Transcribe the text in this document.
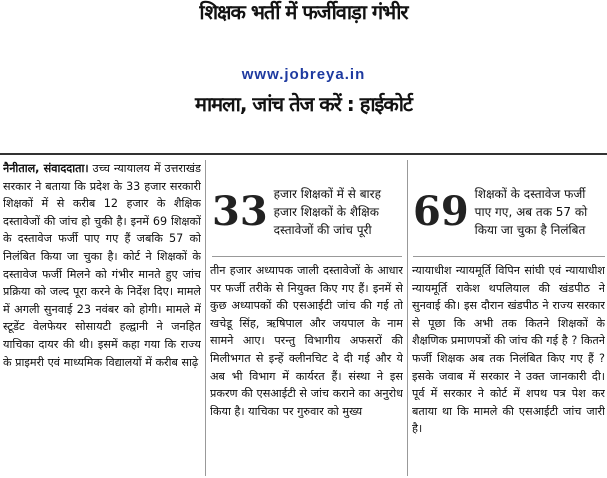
शिक्षक भर्ती में फर्जीवाड़ा गंभीर
www.jobreya.in
मामला, जांच तेज करें : हाईकोर्ट
नैनीताल, संवाददाता। उच्च न्यायालय में उत्तराखंड सरकार ने बताया कि प्रदेश के 33 हजार सरकारी शिक्षकों में से करीब 12 हजार के शैक्षिक दस्तावेजों की जांच हो चुकी है। इनमें 69 शिक्षकों के दस्तावेज फर्जी पाए गए हैं जबकि 57 को निलंबित किया जा चुका है। कोर्ट ने शिक्षकों के दस्तावेज फर्जी मिलने को गंभीर मानते हुए जांच प्रक्रिया को जल्द पूरा करने के निर्देश दिए। मामले में अगली सुनवाई 23 नवंबर को होगी। मामले में स्टूडेंट वेलफेयर सोसायटी हल्द्वानी ने जनहित याचिका दायर की थी। इसमें कहा गया कि राज्य के प्राइमरी एवं माध्यमिक विद्यालयों में करीब साढ़े
33 हजार शिक्षकों में से बारह हजार शिक्षकों के शैक्षिक दस्तावेजों की जांच पूरी	69 शिक्षकों के दस्तावेज फर्जी पाए गए, अब तक 57 को किया जा चुका है निलंबित
तीन हजार अध्यापक जाली दस्तावेजों के आधार पर फर्जी तरीके से नियुक्त किए गए हैं। इनमें से कुछ अध्यापकों की एसआईटी जांच की गई तो खचेडू सिंह, ऋषिपाल और जयपाल के नाम सामने आए। परन्तु विभागीय अफसरों की मिलीभगत से इन्हें क्लीनचिट दे दी गई और ये अब भी विभाग में कार्यरत हैं। संस्था ने इस प्रकरण की एसआईटी से जांच कराने का अनुरोध किया है। याचिका पर गुरुवार को मुख्य
न्यायाधीश न्यायमूर्ति विपिन सांघी एवं न्यायाधीश न्यायमूर्ति राकेश थपलियाल की खंडपीठ ने सुनवाई की। इस दौरान खंडपीठ ने राज्य सरकार से पूछा कि अभी तक कितने शिक्षकों के शैक्षणिक प्रमाणपत्रों की जांच की गई है ? कितने फर्जी शिक्षक अब तक निलंबित किए गए हैं ? इसके जवाब में सरकार ने उक्त जानकारी दी। पूर्व में सरकार ने कोर्ट में शपथ पत्र पेश कर बताया था कि मामले की एसआईटी जांच जारी है।
